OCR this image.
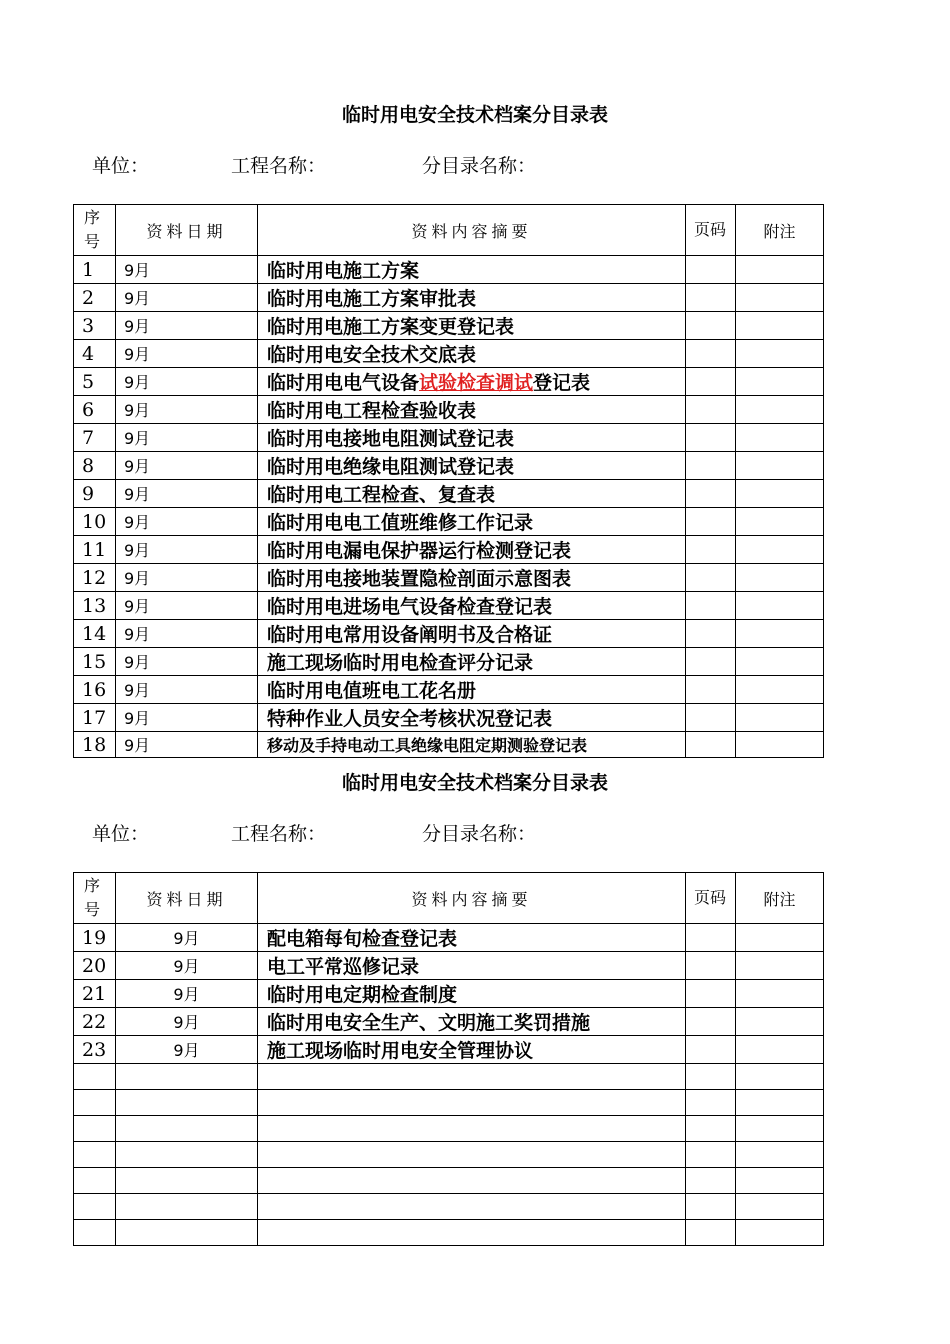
临时用电安全技术档案分目录表
单位：	工程名称：	分目录名称：
序号	资料日期	资料内容摘要	页码	附注
1	9月	临时用电施工方案		
2	9月	临时用电施工方案审批表		
3	9月	临时用电施工方案变更登记表		
4	9月	临时用电安全技术交底表		
5	9月	临时用电电气设备试验检查调试登记表		
6	9月	临时用电工程检查验收表		
7	9月	临时用电接地电阻测试登记表		
8	9月	临时用电绝缘电阻测试登记表		
9	9月	临时用电工程检查、复查表		
10	9月	临时用电电工值班维修工作记录		
11	9月	临时用电漏电保护器运行检测登记表		
12	9月	临时用电接地装置隐检剖面示意图表		
13	9月	临时用电进场电气设备检查登记表		
14	9月	临时用电常用设备阐明书及合格证		
15	9月	施工现场临时用电检查评分记录		
16	9月	临时用电值班电工花名册		
17	9月	特种作业人员安全考核状况登记表		
18	9月	移动及手持电动工具绝缘电阻定期测验登记表		
临时用电安全技术档案分目录表
单位：	工程名称：	分目录名称：
序号	资料日期	资料内容摘要	页码	附注
19	9月	配电箱每旬检查登记表		
20	9月	电工平常巡修记录		
21	9月	临时用电定期检查制度		
22	9月	临时用电安全生产、文明施工奖罚措施		
23	9月	施工现场临时用电安全管理协议		
